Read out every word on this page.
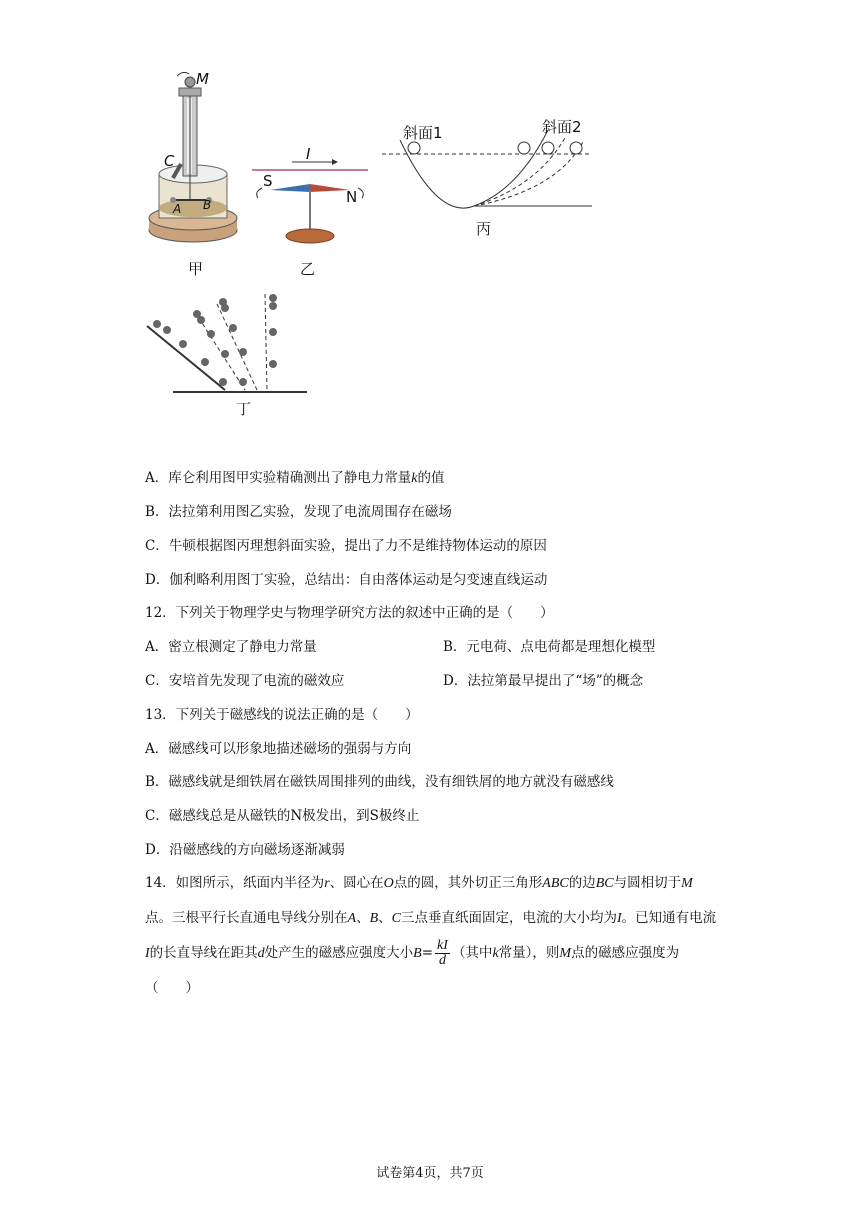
M
C
A B
甲
I
S
N
乙
斜面1	斜面2
丙
丁
A．库仑利用图甲实验精确测出了静电力常量k的值
B．法拉第利用图乙实验，发现了电流周围存在磁场
C．牛顿根据图丙理想斜面实验，提出了力不是维持物体运动的原因
D．伽利略利用图丁实验，总结出：自由落体运动是匀变速直线运动
12．下列关于物理学史与物理学研究方法的叙述中正确的是（　　）
A．密立根测定了静电力常量	B．元电荷、点电荷都是理想化模型
C．安培首先发现了电流的磁效应	D．法拉第最早提出了“场”的概念
13．下列关于磁感线的说法正确的是（　　）
A．磁感线可以形象地描述磁场的强弱与方向
B．磁感线就是细铁屑在磁铁周围排列的曲线，没有细铁屑的地方就没有磁感线
C．磁感线总是从磁铁的N极发出，到S极终止
D．沿磁感线的方向磁场逐渐减弱
14．如图所示，纸面内半径为r、圆心在O点的圆，其外切正三角形ABC的边BC与圆相切于M点。三根平行长直通电导线分别在A、B、C三点垂直纸面固定，电流的大小均为I。已知通有电流I的长直导线在距其d处产生的磁感应强度大小$B= \frac{kI}{d}$ （其中k常量），则M点的磁感应强度为（　　）
试卷第4页，共7页
